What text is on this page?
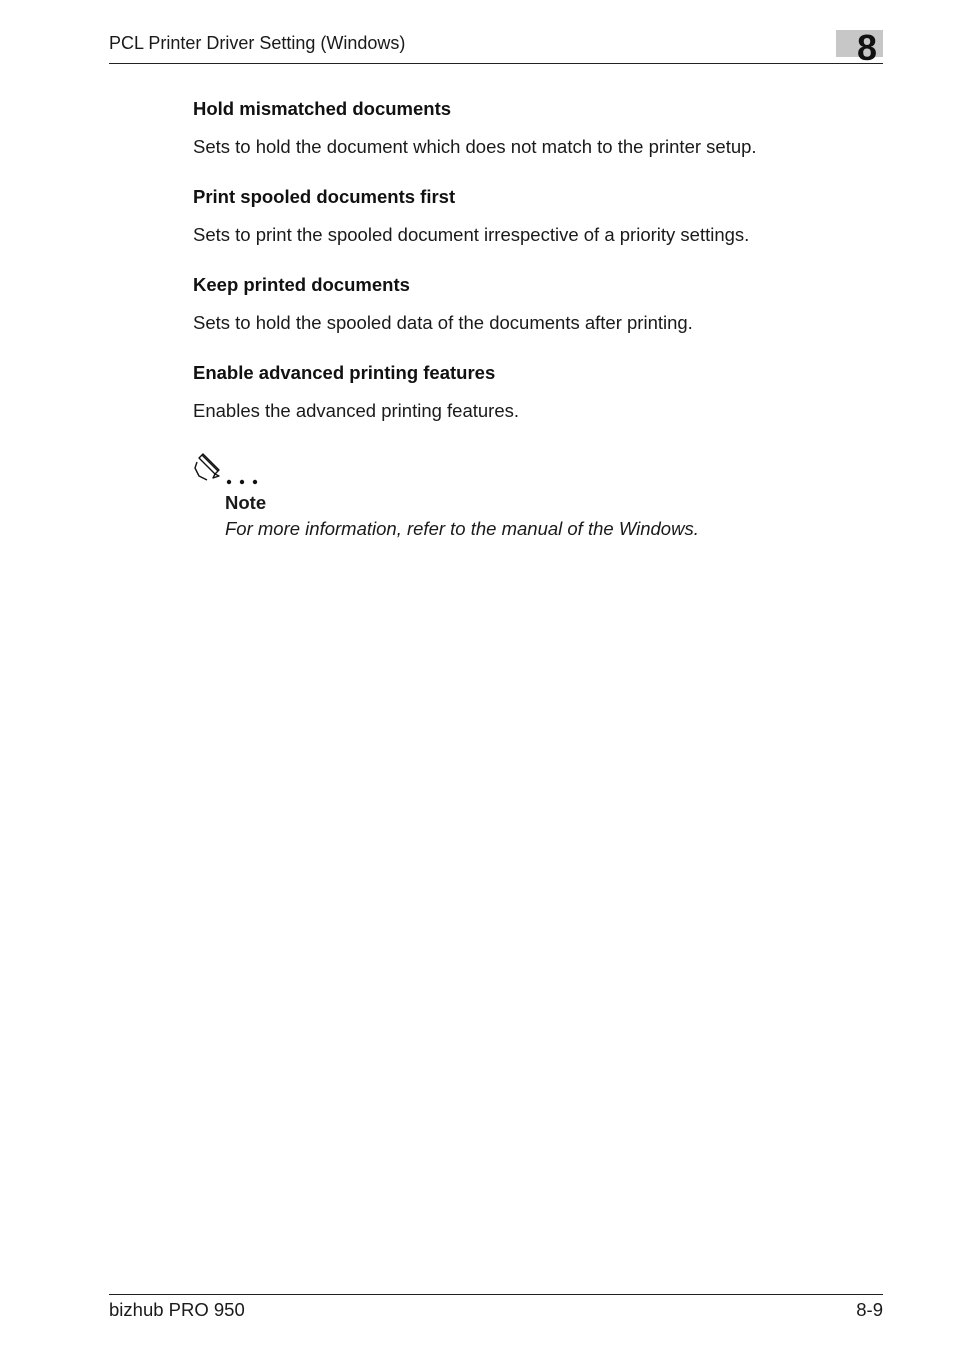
PCL Printer Driver Setting (Windows)	8
Hold mismatched documents
Sets to hold the document which does not match to the printer setup.
Print spooled documents first
Sets to print the spooled document irrespective of a priority settings.
Keep printed documents
Sets to hold the spooled data of the documents after printing.
Enable advanced printing features
Enables the advanced printing features.
Note
For more information, refer to the manual of the Windows.
bizhub PRO 950	8-9
